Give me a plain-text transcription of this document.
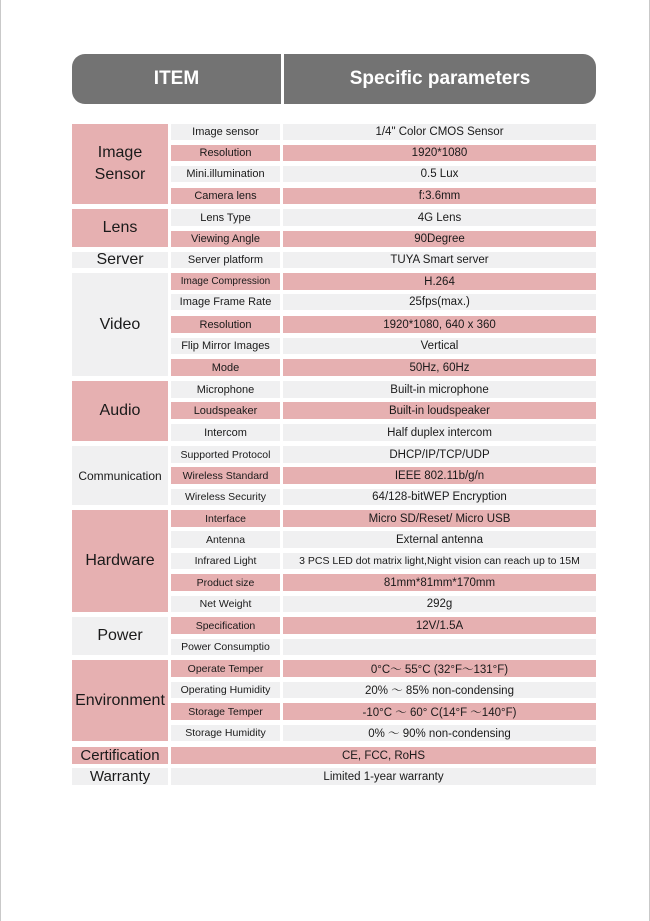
ITEM	Specific parameters
Image
Sensor
Image sensor	1/4" Color CMOS Sensor
Resolution	1920*1080
Mini.illumination	0.5 Lux
Camera lens	f:3.6mm
Lens
Lens Type	4G Lens
Viewing Angle	90Degree
Server	Server platform	TUYA Smart server
Video
Image Compression	H.264
Image Frame Rate	25fps(max.)
Resolution	1920*1080, 640 x 360
Flip Mirror Images	Vertical
Mode	50Hz, 60Hz
Audio
Microphone	Built-in microphone
Loudspeaker	Built-in loudspeaker
Intercom	Half duplex intercom
Communication
Supported Protocol	DHCP/IP/TCP/UDP
Wireless Standard	IEEE 802.11b/g/n
Wireless Security	64/128-bitWEP Encryption
Hardware
Interface	Micro SD/Reset/ Micro USB
Antenna	External antenna
Infrared Light	3 PCS LED dot matrix light,Night vision can reach up to 15M
Product size	81mm*81mm*170mm
Net Weight	292g
Power
Specification	12V/1.5A
Power Consumptio
Environment
Operate Temper	0°C～ 55°C (32°F～131°F)
Operating Humidity	20% ～ 85% non-condensing
Storage Temper	-10°C ～ 60° C(14°F ～140°F)
Storage Humidity	0% ～ 90% non-condensing
Certification	CE, FCC, RoHS
Warranty	Limited 1-year warranty
